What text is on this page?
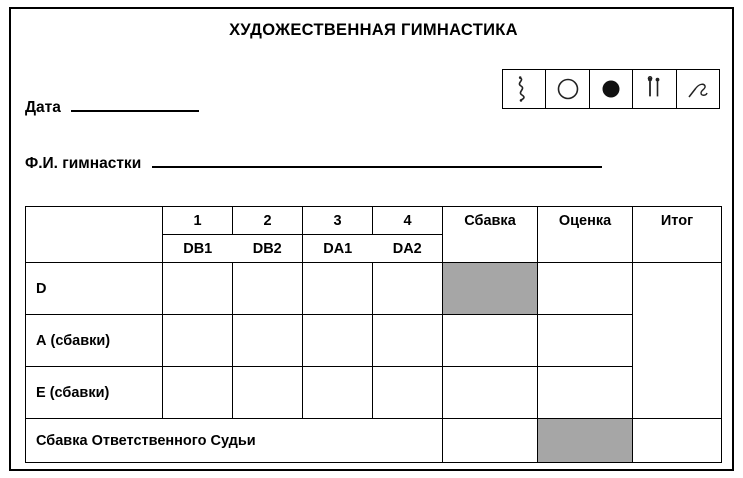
ХУДОЖЕСТВЕННАЯ ГИМНАСТИКА
Дата
Ф.И. гимнастки
	1	2	3	4	Сбавка	Оценка	Итог
	DB1	DB2	DA1	DA2			
D							
А (сбавки)							
Е (сбавки)							
Сбавка Ответственного Судьи							
